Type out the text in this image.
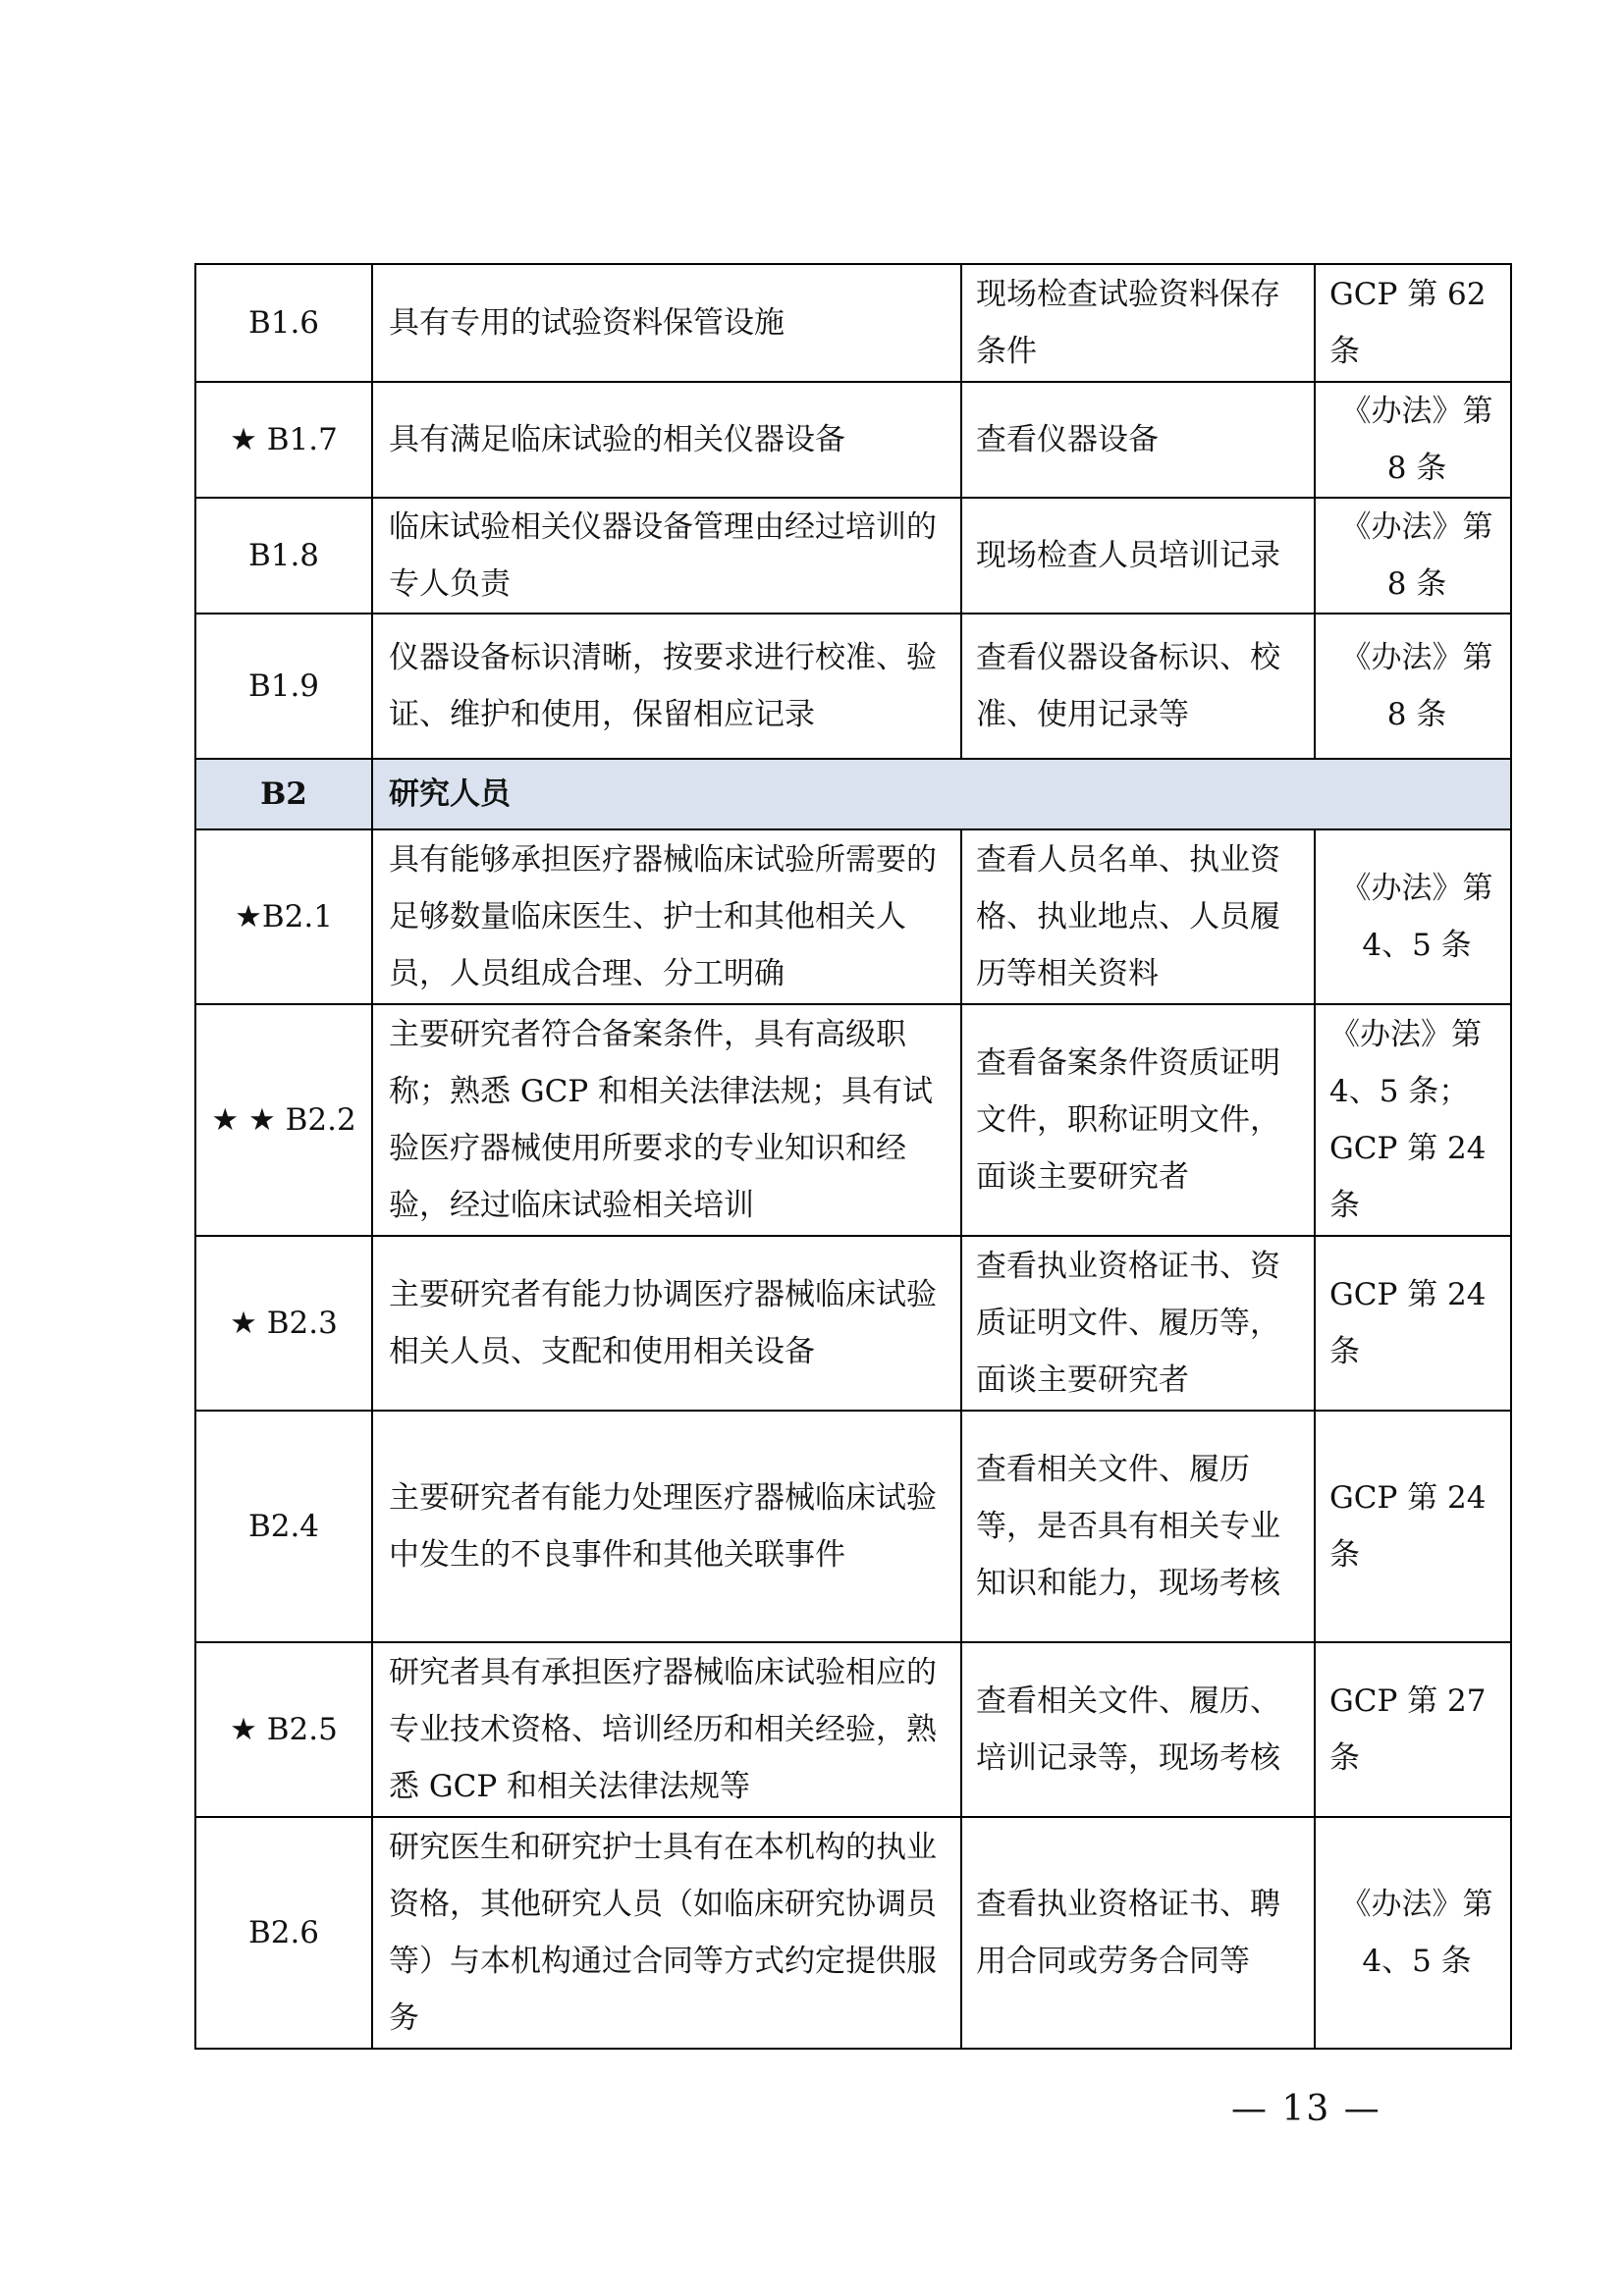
B1.6	具有专用的试验资料保管设施	现场检查试验资料保存条件	GCP 第 62 条
★ B1.7	具有满足临床试验的相关仪器设备	查看仪器设备	《办法》第 8 条
B1.8	临床试验相关仪器设备管理由经过培训的专人负责	现场检查人员培训记录	《办法》第 8 条
B1.9	仪器设备标识清晰，按要求进行校准、验证、维护和使用，保留相应记录	查看仪器设备标识、校准、使用记录等	《办法》第 8 条
B2	研究人员		
★B2.1	具有能够承担医疗器械临床试验所需要的足够数量临床医生、护士和其他相关人员，人员组成合理、分工明确	查看人员名单、执业资格、执业地点、人员履历等相关资料	《办法》第 4、5 条
★ ★ B2.2	主要研究者符合备案条件，具有高级职称；熟悉 GCP 和相关法律法规；具有试验医疗器械使用所要求的专业知识和经验，经过临床试验相关培训	查看备案条件资质证明文件，职称证明文件，面谈主要研究者	《办法》第 4、5 条；GCP 第 24 条
★ B2.3	主要研究者有能力协调医疗器械临床试验相关人员、支配和使用相关设备	查看执业资格证书、资质证明文件、履历等，面谈主要研究者	GCP 第 24 条
B2.4	主要研究者有能力处理医疗器械临床试验中发生的不良事件和其他关联事件	查看相关文件、履历等，是否具有相关专业知识和能力，现场考核	GCP 第 24 条
★ B2.5	研究者具有承担医疗器械临床试验相应的专业技术资格、培训经历和相关经验，熟悉 GCP 和相关法律法规等	查看相关文件、履历、培训记录等，现场考核	GCP 第 27 条
B2.6	研究医生和研究护士具有在本机构的执业资格，其他研究人员（如临床研究协调员等）与本机构通过合同等方式约定提供服务	查看执业资格证书、聘用合同或劳务合同等	《办法》第 4、5 条
— 13 —
